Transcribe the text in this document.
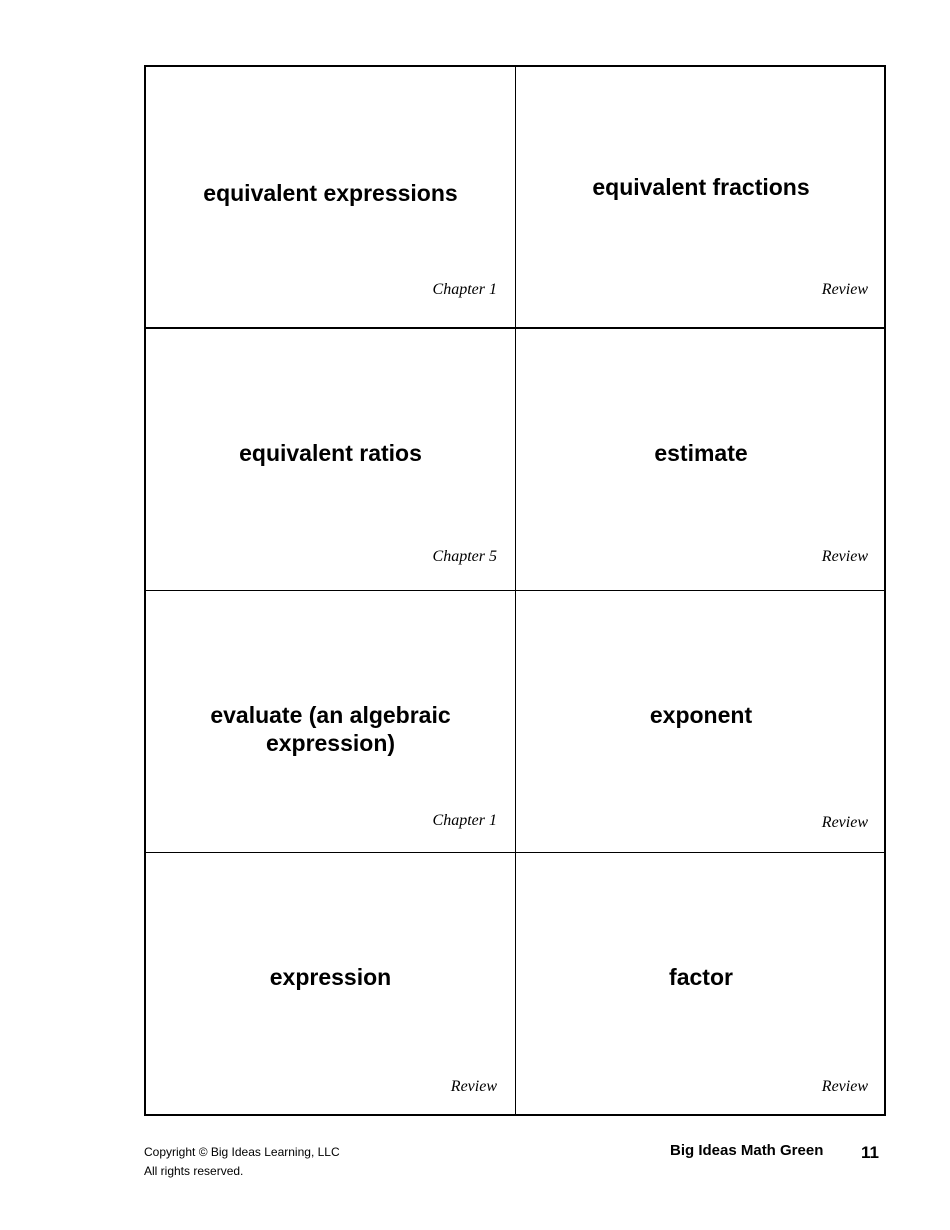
equivalent expressions
Chapter 1
equivalent fractions
Review
equivalent ratios
Chapter 5
estimate
Review
evaluate (an algebraic expression)
Chapter 1
exponent
Review
expression
Review
factor
Review
Copyright © Big Ideas Learning, LLC
All rights reserved.
Big Ideas Math Green 11
